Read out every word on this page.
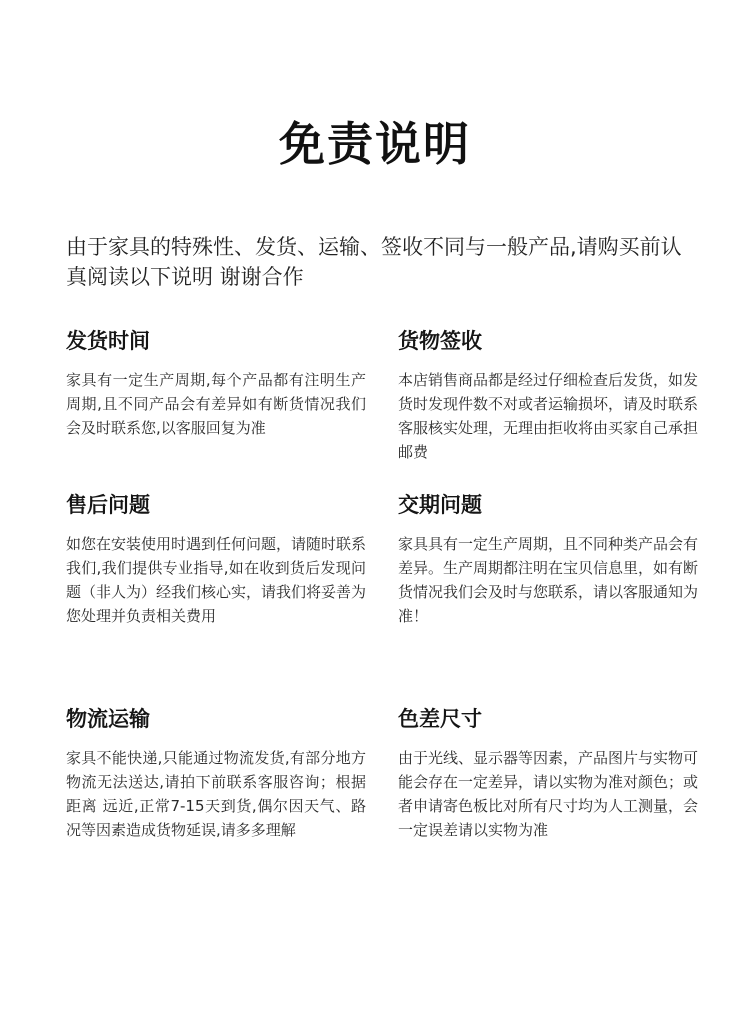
免责说明
由于家具的特殊性、发货、运输、签收不同与一般产品,请购买前认真阅读以下说明 谢谢合作
发货时间

家具有一定生产周期,每个产品都有注明生产周期,且不同产品会有差异如有断货情况我们会及时联系您,以客服回复为准

货物签收

本店销售商品都是经过仔细检查后发货，如发货时发现件数不对或者运输损坏，请及时联系客服核实处理，无理由拒收将由买家自己承担邮费

售后问题

如您在安装使用时遇到任何问题，请随时联系我们,我们提供专业指导,如在收到货后发现问题（非人为）经我们核心实，请我们将妥善为您处理并负责相关费用

交期问题

家具具有一定生产周期，且不同种类产品会有差异。生产周期都注明在宝贝信息里，如有断货情况我们会及时与您联系，请以客服通知为准！

物流运输

家具不能快递,只能通过物流发货,有部分地方物流无法送达,请拍下前联系客服咨询；根据距离 远近,正常7-15天到货,偶尔因天气、路况等因素造成货物延误,请多多理解

色差尺寸

由于光线、显示器等因素，产品图片与实物可能会存在一定差异，请以实物为准对颜色；或者申请寄色板比对所有尺寸均为人工测量，会一定误差请以实物为准
